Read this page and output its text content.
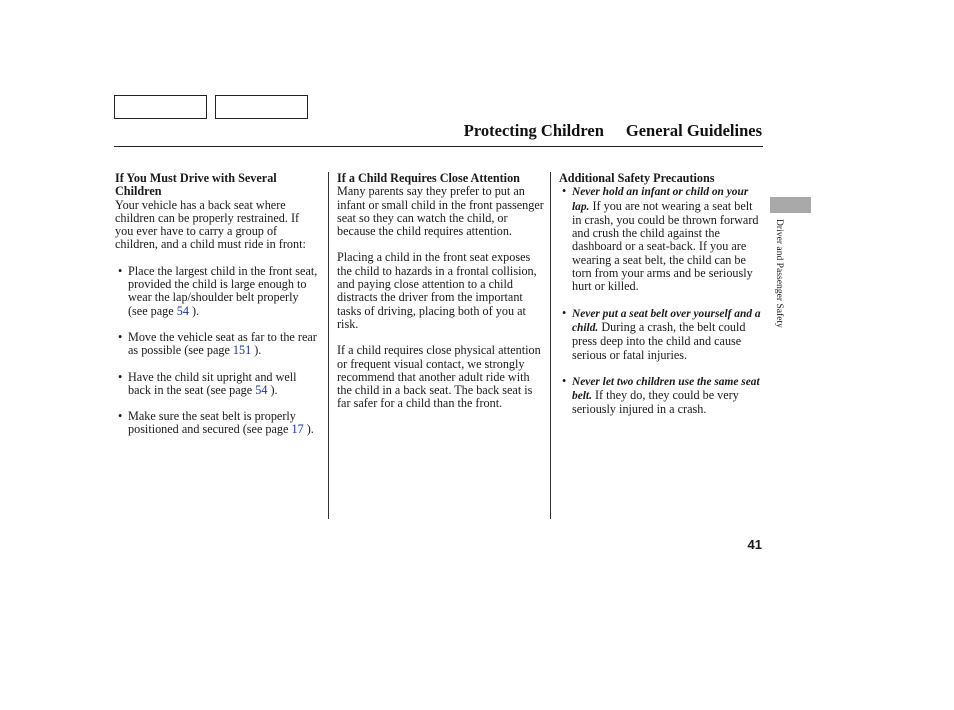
Protecting Children General Guidelines

If You Must Drive with Several Children

Your vehicle has a back seat where children can be properly restrained. If you ever have to carry a group of children, and a child must ride in front:

• Place the largest child in the front seat, provided the child is large enough to wear the lap/shoulder belt properly (see page 54 ).
• Move the vehicle seat as far to the rear as possible (see page 151 ).
• Have the child sit upright and well back in the seat (see page 54 ).
• Make sure the seat belt is properly positioned and secured (see page 17 ).

If a Child Requires Close Attention

Many parents say they prefer to put an infant or small child in the front passenger seat so they can watch the child, or because the child requires attention.

Placing a child in the front seat exposes the child to hazards in a frontal collision, and paying close attention to a child distracts the driver from the important tasks of driving, placing both of you at risk.

If a child requires close physical attention or frequent visual contact, we strongly recommend that another adult ride with the child in a back seat. The back seat is far safer for a child than the front.

Additional Safety Precautions

• Never hold an infant or child on your lap. If you are not wearing a seat belt in crash, you could be thrown forward and crush the child against the dashboard or a seat-back. If you are wearing a seat belt, the child can be torn from your arms and be seriously hurt or killed.
• Never put a seat belt over yourself and a child. During a crash, the belt could press deep into the child and cause serious or fatal injuries.
• Never let two children use the same seat belt. If they do, they could be very seriously injured in a crash.
Driver and Passenger Safety
41
